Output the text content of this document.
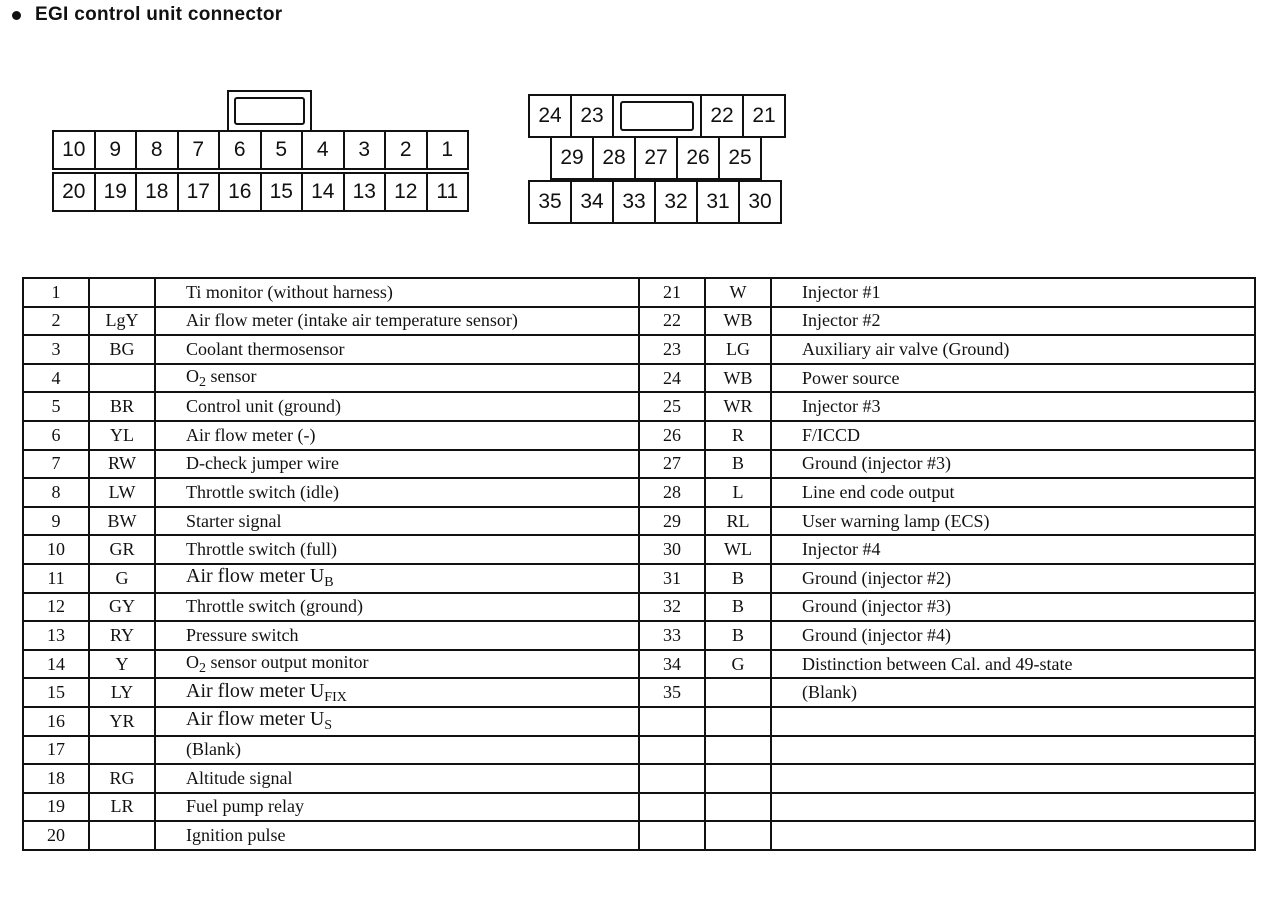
EGI control unit connector
10	9	8	7	6	5	4	3	2	1
20 19 18 17 16 15 14 13 12 11
24 23	22 21
29 28 27 26 25
35 34 33 32 31 30
1		Ti monitor (without harness)	21	W	Injector #1
2	LgY	Air flow meter (intake air temperature sensor)	22	WB	Injector #2
3	BG	Coolant thermosensor	23	LG	Auxiliary air valve (Ground)
4		$O_2$ sensor	24	WB	Power source
5	BR	Control unit (ground)	25	WR	Injector #3
6	YL	Air flow meter (-)	26	R	F/ICCD
7	RW	D-check jumper wire	27	B	Ground (injector #3)
8	LW	Throttle switch (idle)	28	L	Line end code output
9	BW	Starter signal	29	RL	User warning lamp (ECS)
10	GR	Throttle switch (full)	30	WL	Injector #4
11	G	Air flow meter $U_B$	31	B	Ground (injector #2)
12	GY	Throttle switch (ground)	32	B	Ground (injector #3)
13	RY	Pressure switch	33	B	Ground (injector #4)
14	Y	$O_2$ sensor output monitor	34	G	Distinction between Cal. and 49-state
15	LY	Air flow meter $U_{FIX}$	35		(Blank)
16	YR	Air flow meter $U_S$			
17		(Blank)			
18	RG	Altitude signal			
19	LR	Fuel pump relay			
20		Ignition pulse			
